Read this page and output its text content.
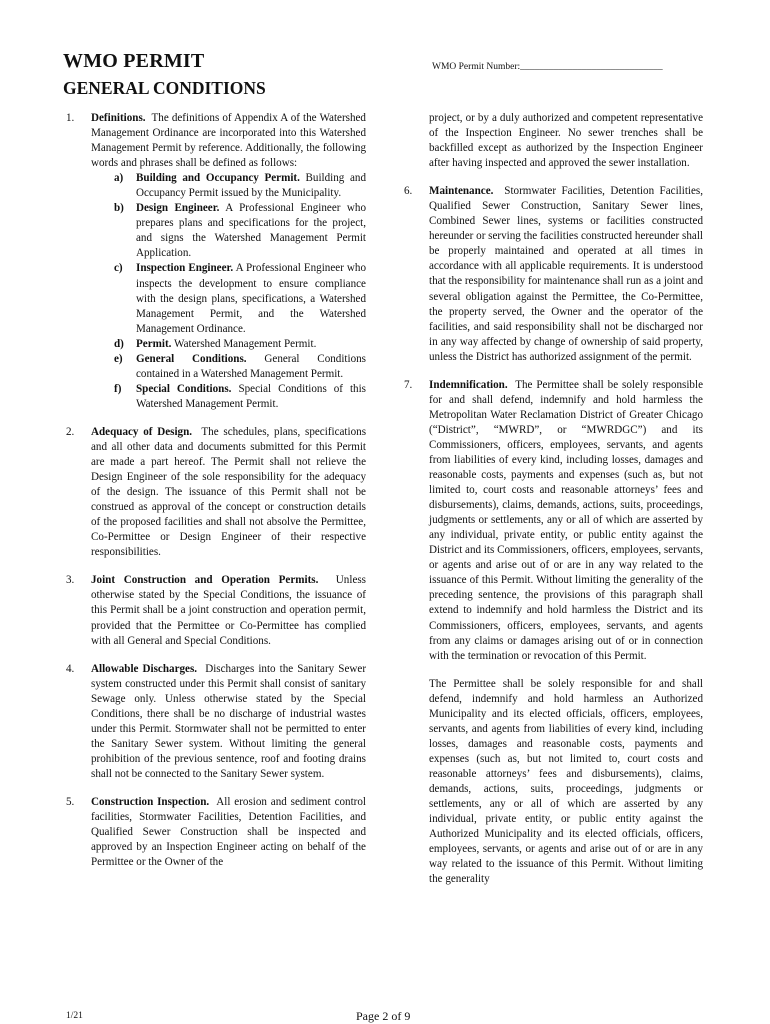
WMO PERMIT
GENERAL CONDITIONS
WMO Permit Number:______________________________
1. Definitions. The definitions of Appendix A of the Watershed Management Ordinance are incorporated into this Watershed Management Permit by reference. Additionally, the following words and phrases shall be defined as follows:

a) Building and Occupancy Permit. Building and Occupancy Permit issued by the Municipality.
b) Design Engineer. A Professional Engineer who prepares plans and specifications for the project, and signs the Watershed Management Permit Application.
c) Inspection Engineer. A Professional Engineer who inspects the development to ensure compliance with the design plans, specifications, a Watershed Management Permit, and the Watershed Management Ordinance.
d) Permit. Watershed Management Permit.
e) General Conditions. General Conditions contained in a Watershed Management Permit.
f) Special Conditions. Special Conditions of this Watershed Management Permit.
2. Adequacy of Design. The schedules, plans, specifications and all other data and documents submitted for this Permit are made a part hereof. The Permit shall not relieve the Design Engineer of the sole responsibility for the adequacy of the design. The issuance of this Permit shall not be construed as approval of the concept or construction details of the proposed facilities and shall not absolve the Permittee, Co-Permittee or Design Engineer of their respective responsibilities.

3. Joint Construction and Operation Permits. Unless otherwise stated by the Special Conditions, the issuance of this Permit shall be a joint construction and operation permit, provided that the Permittee or Co-Permittee has complied with all General and Special Conditions.

4. Allowable Discharges. Discharges into the Sanitary Sewer system constructed under this Permit shall consist of sanitary Sewage only. Unless otherwise stated by the Special Conditions, there shall be no discharge of industrial wastes under this Permit. Stormwater shall not be permitted to enter the Sanitary Sewer system. Without limiting the general prohibition of the previous sentence, roof and footing drains shall not be connected to the Sanitary Sewer system.

5. Construction Inspection. All erosion and sediment control facilities, Stormwater Facilities, Detention Facilities, and Qualified Sewer Construction shall be inspected and approved by an Inspection Engineer acting on behalf of the Permittee or the Owner of the

project, or by a duly authorized and competent representative of the Inspection Engineer. No sewer trenches shall be backfilled except as authorized by the Inspection Engineer after having inspected and approved the sewer installation.

6. Maintenance. Stormwater Facilities, Detention Facilities, Qualified Sewer Construction, Sanitary Sewer lines, Combined Sewer lines, systems or facilities constructed hereunder or serving the facilities constructed hereunder shall be properly maintained and operated at all times in accordance with all applicable requirements. It is understood that the responsibility for maintenance shall run as a joint and several obligation against the Permittee, the Co-Permittee, the property served, the Owner and the operator of the facilities, and said responsibility shall not be discharged nor in any way affected by change of ownership of said property, unless the District has authorized assignment of the permit.

7. Indemnification. The Permittee shall be solely responsible for and shall defend, indemnify and hold harmless the Metropolitan Water Reclamation District of Greater Chicago (“District”, “MWRD”, or “MWRDGC”) and its Commissioners, officers, employees, servants, and agents from liabilities of every kind, including losses, damages and reasonable costs, payments and expenses (such as, but not limited to, court costs and reasonable attorneys’ fees and disbursements), claims, demands, actions, suits, proceedings, judgments or settlements, any or all of which are asserted by any individual, private entity, or public entity against the District and its Commissioners, officers, employees, servants, or agents and arise out of or are in any way related to the issuance of this Permit. Without limiting the generality of the preceding sentence, the provisions of this paragraph shall extend to indemnify and hold harmless the District and its Commissioners, officers, employees, servants, and agents from any claims or damages arising out of or in connection with the termination or revocation of this Permit.

The Permittee shall be solely responsible for and shall defend, indemnify and hold harmless an Authorized Municipality and its elected officials, officers, employees, servants, and agents from liabilities of every kind, including losses, damages and reasonable costs, payments and expenses (such as, but not limited to, court costs and reasonable attorneys’ fees and disbursements), claims, demands, actions, suits, proceedings, judgments or settlements, any or all of which are asserted by any individual, private entity, or public entity against the Authorized Municipality and its elected officials, officers, employees, servants, or agents and arise out of or are in any way related to the issuance of this Permit. Without limiting the generality

1/21	Page 2 of 9
